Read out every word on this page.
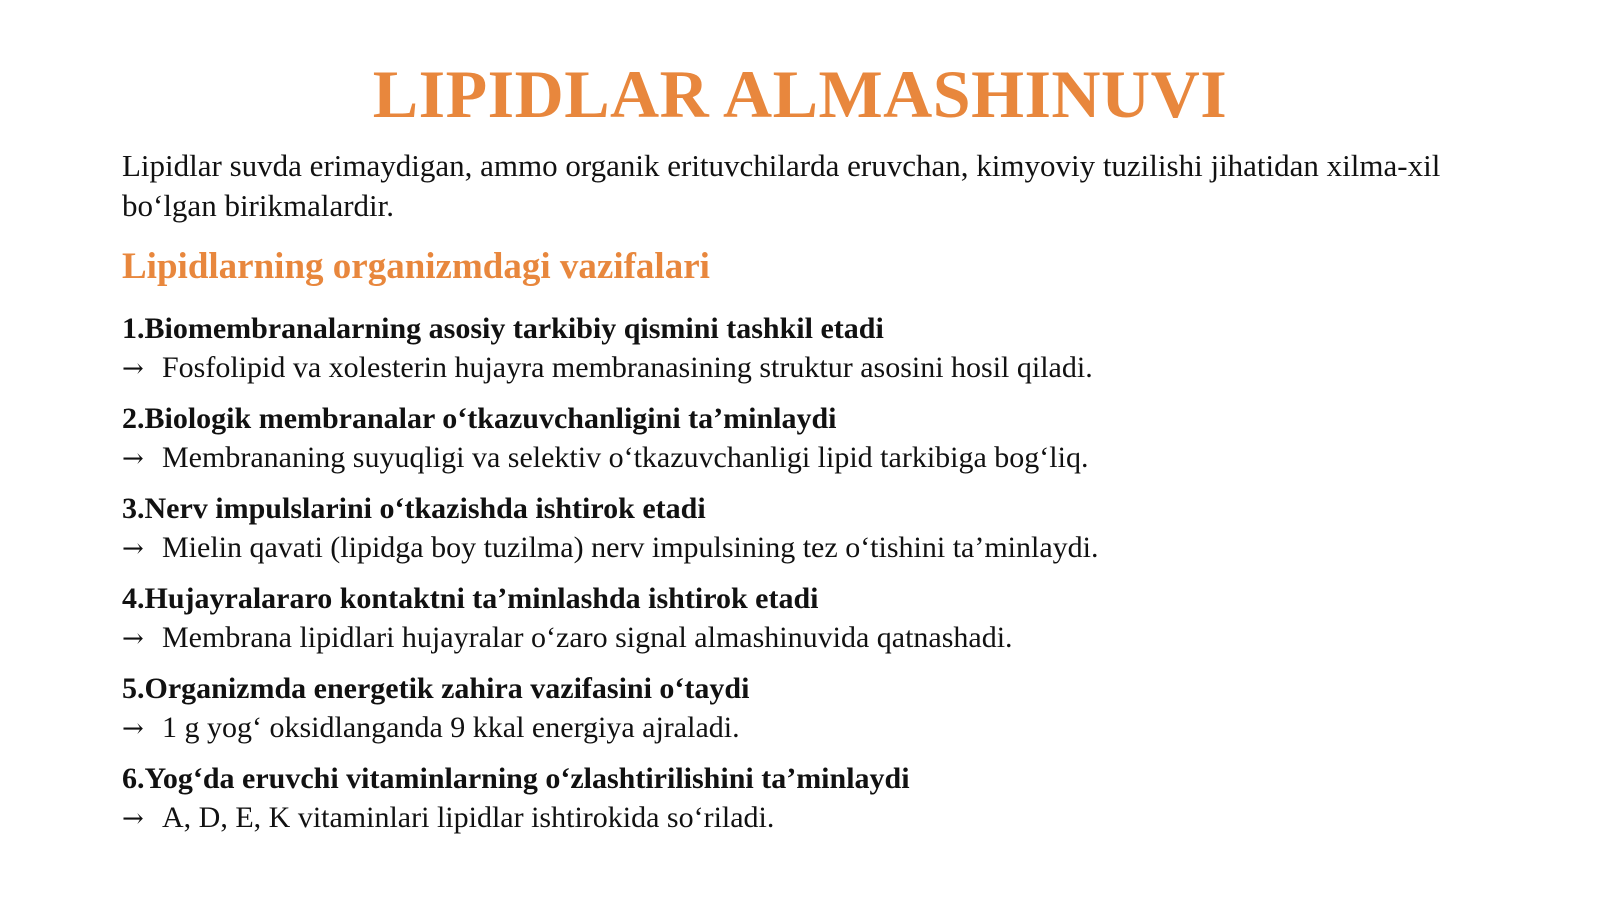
LIPIDLAR ALMASHINUVI
Lipidlar suvda erimaydigan, ammo organik erituvchilarda eruvchan, kimyoviy tuzilishi jihatidan xilma-xil bo‘lgan birikmalardir.
Lipidlarning organizmdagi vazifalari
1.Biomembranalarning asosiy tarkibiy qismini tashkil etadi
→ Fosfolipid va xolesterin hujayra membranasining struktur asosini hosil qiladi.
2.Biologik membranalar o‘tkazuvchanligini ta’minlaydi
→ Membrananing suyuqligi va selektiv o‘tkazuvchanligi lipid tarkibiga bog‘liq.
3.Nerv impulslarini o‘tkazishda ishtirok etadi
→ Mielin qavati (lipidga boy tuzilma) nerv impulsining tez o‘tishini ta’minlaydi.
4.Hujayralararo kontaktni ta’minlashda ishtirok etadi
→ Membrana lipidlari hujayralar o‘zaro signal almashinuvida qatnashadi.
5.Organizmda energetik zahira vazifasini o‘taydi
→ 1 g yog‘ oksidlanganda 9 kkal energiya ajraladi.
6.Yog‘da eruvchi vitaminlarning o‘zlashtirilishini ta’minlaydi
→ A, D, E, K vitaminlari lipidlar ishtirokida so‘riladi.
